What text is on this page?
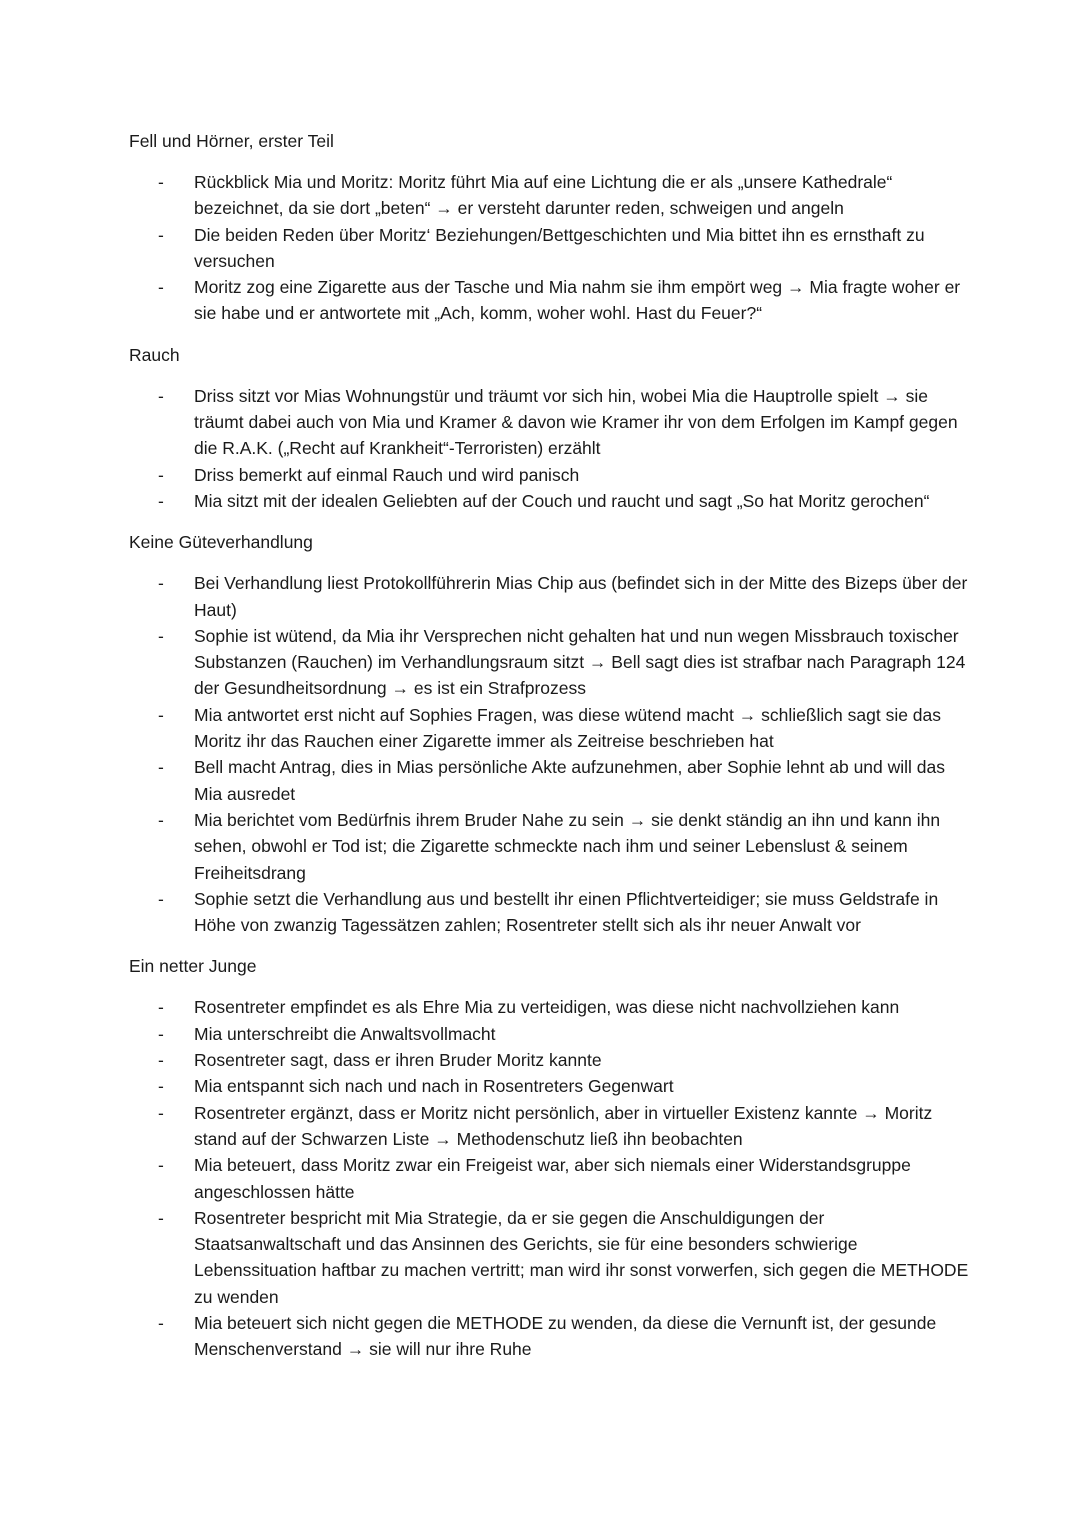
Fell und Hörner, erster Teil

- Rückblick Mia und Moritz: Moritz führt Mia auf eine Lichtung die er als „unsere Kathedrale“ bezeichnet, da sie dort „beten“ → er versteht darunter reden, schweigen und angeln
- Die beiden Reden über Moritz‘ Beziehungen/Bettgeschichten und Mia bittet ihn es ernsthaft zu versuchen
- Moritz zog eine Zigarette aus der Tasche und Mia nahm sie ihm empört weg → Mia fragte woher er sie habe und er antwortete mit „Ach, komm, woher wohl. Hast du Feuer?“

Rauch

- Driss sitzt vor Mias Wohnungstür und träumt vor sich hin, wobei Mia die Hauptrolle spielt → sie träumt dabei auch von Mia und Kramer & davon wie Kramer ihr von dem Erfolgen im Kampf gegen die R.A.K. („Recht auf Krankheit“-Terroristen) erzählt
- Driss bemerkt auf einmal Rauch und wird panisch
- Mia sitzt mit der idealen Geliebten auf der Couch und raucht und sagt „So hat Moritz gerochen“

Keine Güteverhandlung

- Bei Verhandlung liest Protokollführerin Mias Chip aus (befindet sich in der Mitte des Bizeps über der Haut)
- Sophie ist wütend, da Mia ihr Versprechen nicht gehalten hat und nun wegen Missbrauch toxischer Substanzen (Rauchen) im Verhandlungsraum sitzt → Bell sagt dies ist strafbar nach Paragraph 124 der Gesundheitsordnung → es ist ein Strafprozess
- Mia antwortet erst nicht auf Sophies Fragen, was diese wütend macht → schließlich sagt sie das Moritz ihr das Rauchen einer Zigarette immer als Zeitreise beschrieben hat
- Bell macht Antrag, dies in Mias persönliche Akte aufzunehmen, aber Sophie lehnt ab und will das Mia ausredet
- Mia berichtet vom Bedürfnis ihrem Bruder Nahe zu sein → sie denkt ständig an ihn und kann ihn sehen, obwohl er Tod ist; die Zigarette schmeckte nach ihm und seiner Lebenslust & seinem Freiheitsdrang
- Sophie setzt die Verhandlung aus und bestellt ihr einen Pflichtverteidiger; sie muss Geldstrafe in Höhe von zwanzig Tagessätzen zahlen; Rosentreter stellt sich als ihr neuer Anwalt vor

Ein netter Junge

- Rosentreter empfindet es als Ehre Mia zu verteidigen, was diese nicht nachvollziehen kann
- Mia unterschreibt die Anwaltsvollmacht
- Rosentreter sagt, dass er ihren Bruder Moritz kannte
- Mia entspannt sich nach und nach in Rosentreters Gegenwart
- Rosentreter ergänzt, dass er Moritz nicht persönlich, aber in virtueller Existenz kannte → Moritz stand auf der Schwarzen Liste → Methodenschutz ließ ihn beobachten
- Mia beteuert, dass Moritz zwar ein Freigeist war, aber sich niemals einer Widerstandsgruppe angeschlossen hätte
- Rosentreter bespricht mit Mia Strategie, da er sie gegen die Anschuldigungen der Staatsanwaltschaft und das Ansinnen des Gerichts, sie für eine besonders schwierige Lebenssituation haftbar zu machen vertritt; man wird ihr sonst vorwerfen, sich gegen die METHODE zu wenden
- Mia beteuert sich nicht gegen die METHODE zu wenden, da diese die Vernunft ist, der gesunde Menschenverstand → sie will nur ihre Ruhe
